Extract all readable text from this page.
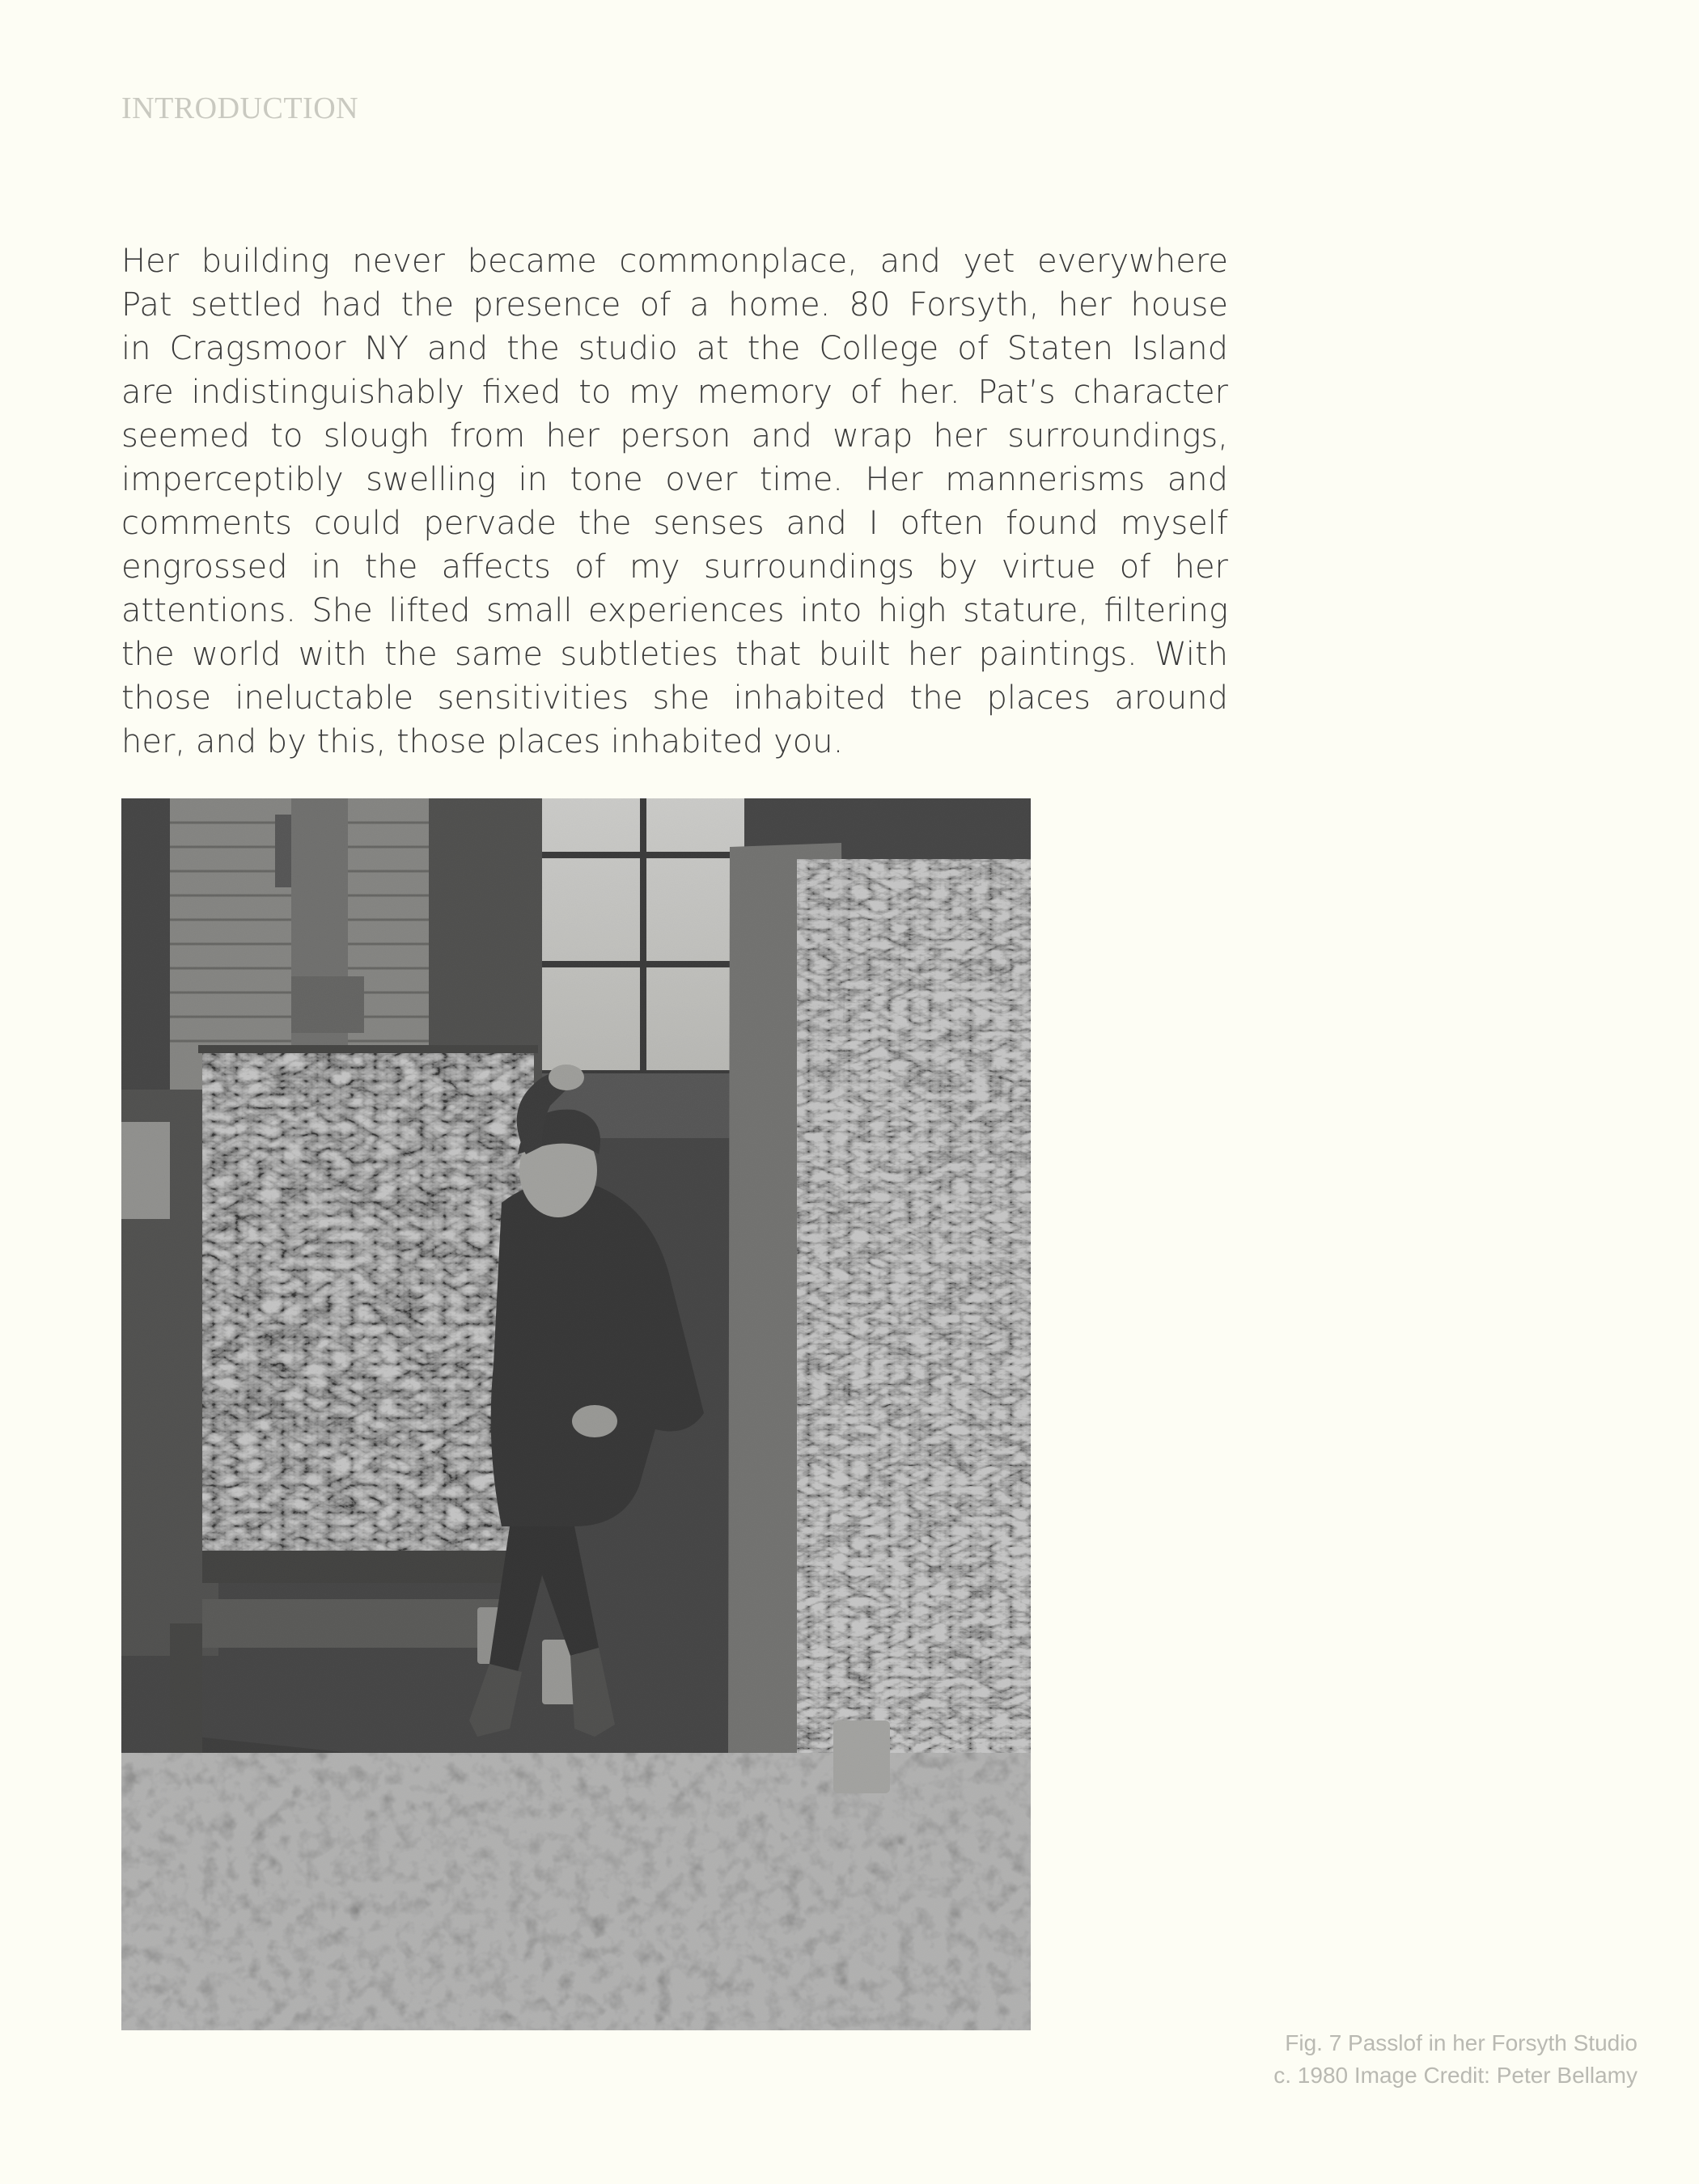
INTRODUCTION
Her building never became commonplace, and yet everywhere
Pat settled had the presence of a home. 80 Forsyth, her house
in Cragsmoor NY and the studio at the College of Staten Island
are indistinguishably fixed to my memory of her. Pat’s character
seemed to slough from her person and wrap her surroundings,
imperceptibly swelling in tone over time. Her mannerisms and
comments could pervade the senses and I often found myself
engrossed in the affects of my surroundings by virtue of her
attentions. She lifted small experiences into high stature, filtering
the world with the same subtleties that built her paintings. With
those ineluctable sensitivities she inhabited the places around
her, and by this, those places inhabited you.
Fig. 7 Passlof in her Forsyth Studio
c. 1980 Image Credit: Peter Bellamy
